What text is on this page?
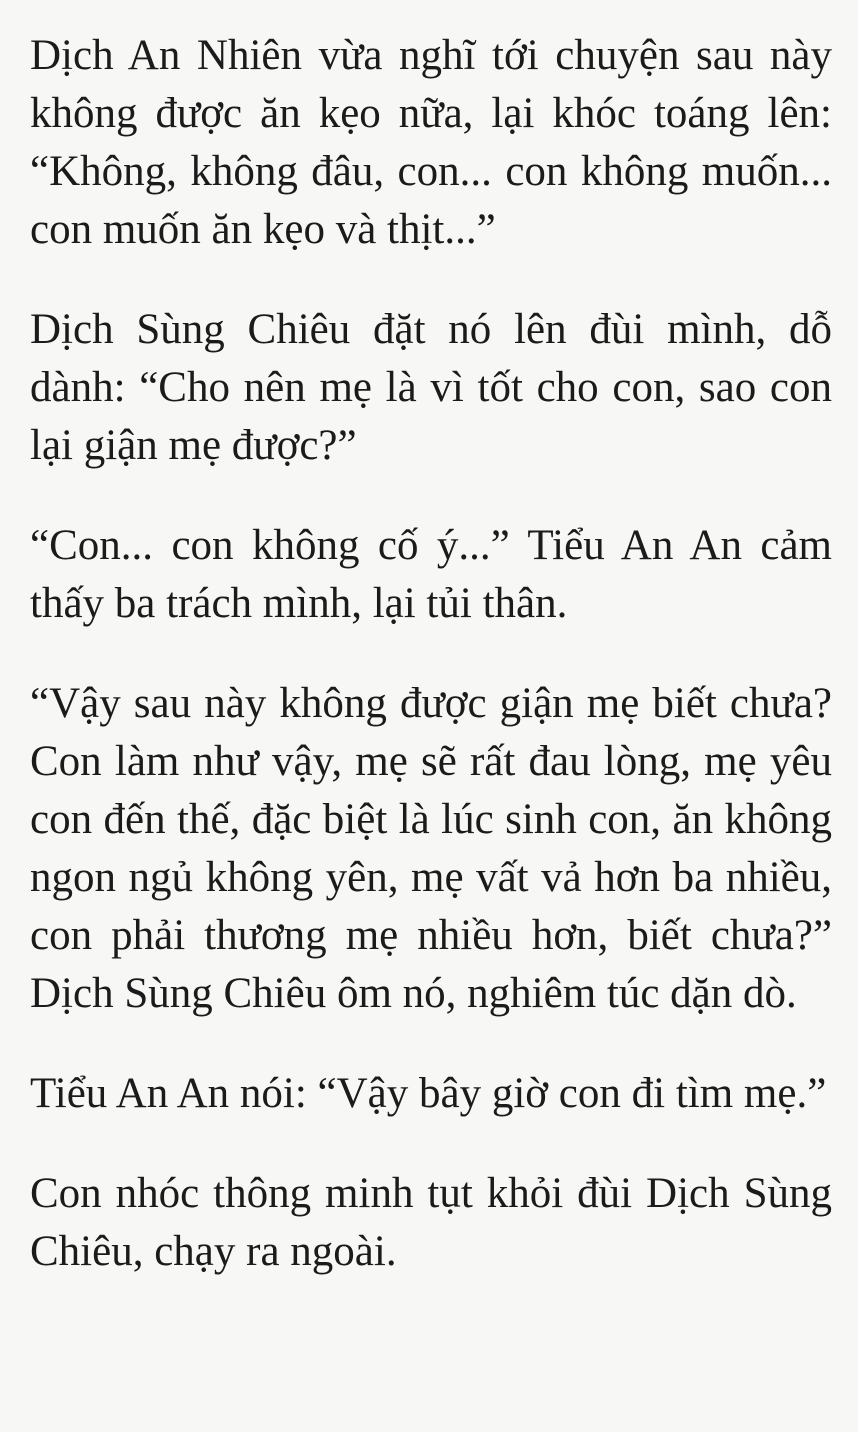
Dịch An Nhiên vừa nghĩ tới chuyện sau này không được ăn kẹo nữa, lại khóc toáng lên: “Không, không đâu, con... con không muốn... con muốn ăn kẹo và thịt...”

Dịch Sùng Chiêu đặt nó lên đùi mình, dỗ dành: “Cho nên mẹ là vì tốt cho con, sao con lại giận mẹ được?”

“Con... con không cố ý...” Tiểu An An cảm thấy ba trách mình, lại tủi thân.

“Vậy sau này không được giận mẹ biết chưa? Con làm như vậy, mẹ sẽ rất đau lòng, mẹ yêu con đến thế, đặc biệt là lúc sinh con, ăn không ngon ngủ không yên, mẹ vất vả hơn ba nhiều, con phải thương mẹ nhiều hơn, biết chưa?” Dịch Sùng Chiêu ôm nó, nghiêm túc dặn dò.

Tiểu An An nói: “Vậy bây giờ con đi tìm mẹ.”

Con nhóc thông minh tụt khỏi đùi Dịch Sùng Chiêu, chạy ra ngoài.
